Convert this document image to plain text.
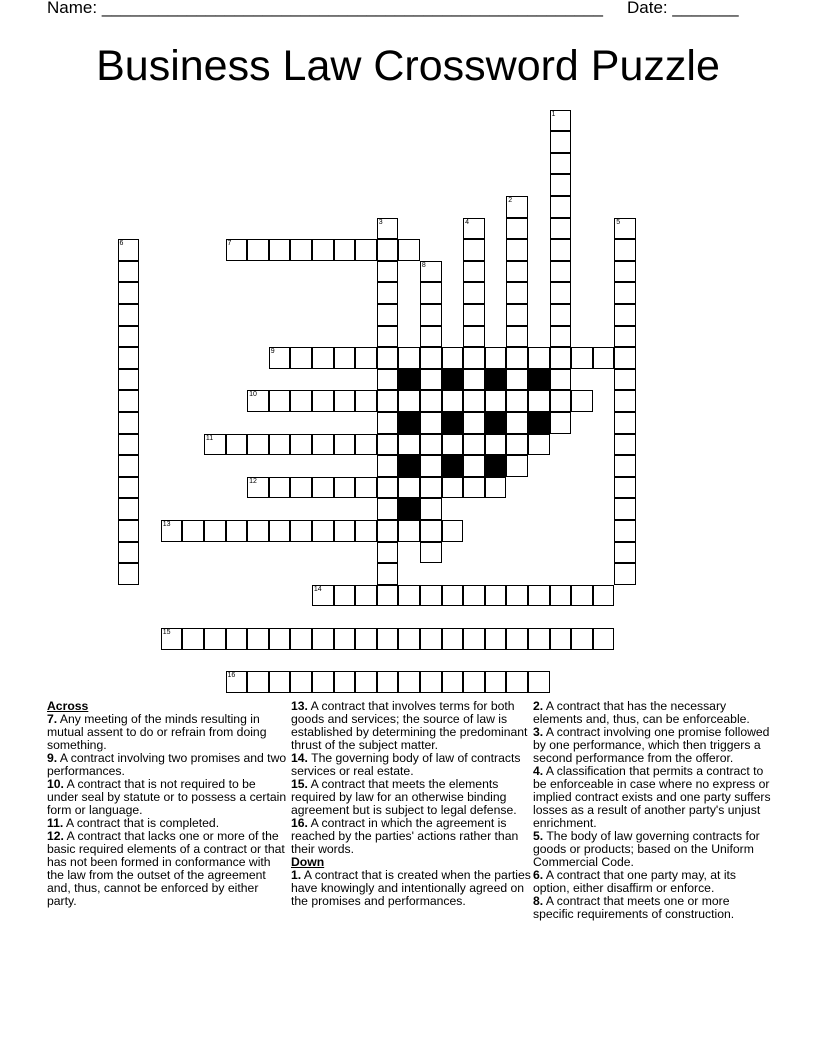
Name: _____________________________________________________ Date: _______
Business Law Crossword Puzzle
1
2
3	4	5
6	7
8
9
10
11
12
13
14
15
16

Across

7. Any meeting of the minds resulting in mutual assent to do or refrain from doing something.

9. A contract involving two promises and two performances.

10. A contract that is not required to be under seal by statute or to possess a certain form or language.

11. A contract that is completed.

12. A contract that lacks one or more of the basic required elements of a contract or that has not been formed in conformance with the law from the outset of the agreement and, thus, cannot be enforced by either party.

13. A contract that involves terms for both goods and services; the source of law is established by determining the predominant thrust of the subject matter.

14. The governing body of law of contracts services or real estate.

15. A contract that meets the elements required by law for an otherwise binding agreement but is subject to legal defense.

16. A contract in which the agreement is reached by the parties' actions rather than their words.

Down

1. A contract that is created when the parties have knowingly and intentionally agreed on the promises and performances.

2. A contract that has the necessary elements and, thus, can be enforceable.

3. A contract involving one promise followed by one performance, which then triggers a second performance from the offeror.

4. A classification that permits a contract to be enforceable in case where no express or implied contract exists and one party suffers losses as a result of another party's unjust enrichment.

5. The body of law governing contracts for goods or products; based on the Uniform Commercial Code.

6. A contract that one party may, at its option, either disaffirm or enforce.

8. A contract that meets one or more specific requirements of construction.
